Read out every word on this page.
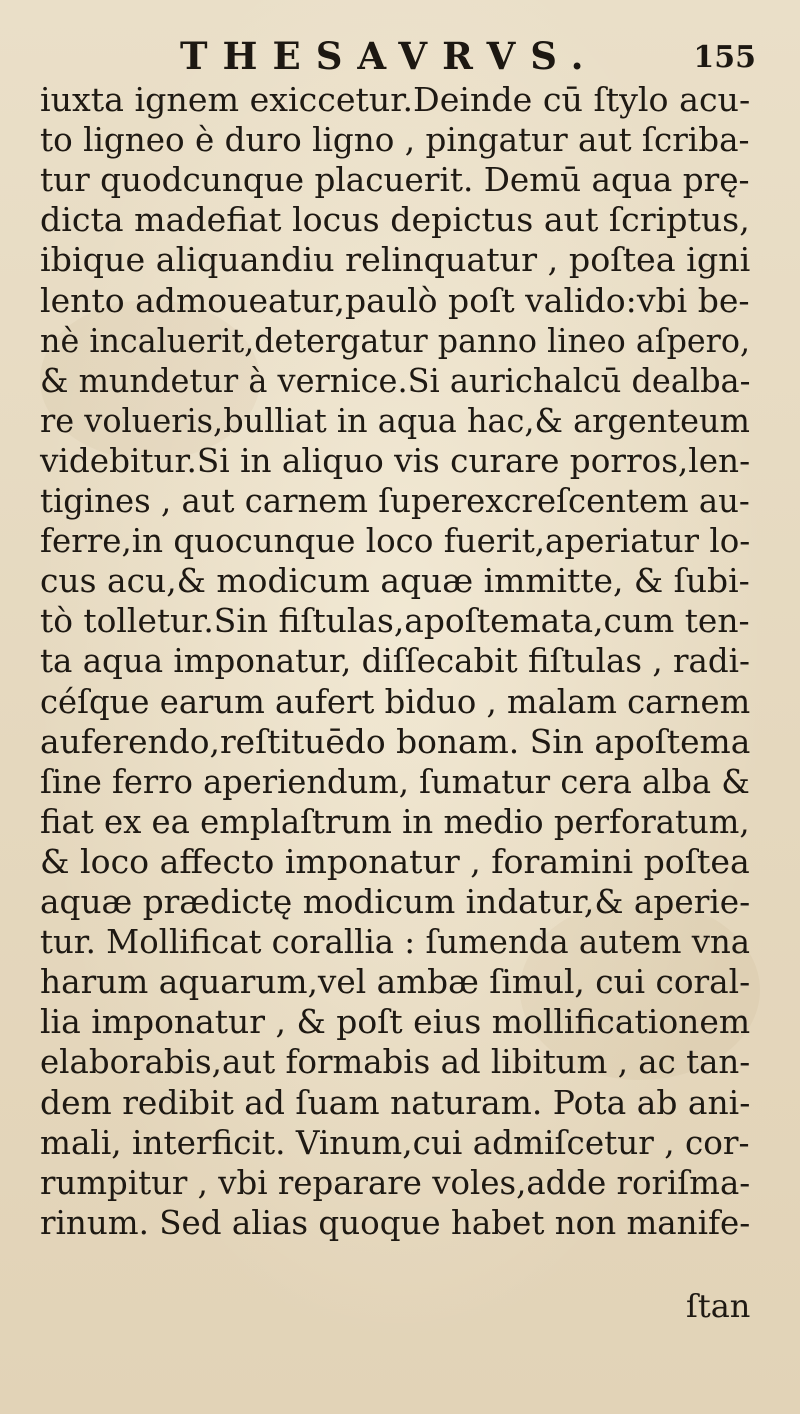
THESAVRVS.	155
iuxta ignem exiccetur.Deinde cū ſtylo acu-
to ligneo è duro ligno , pingatur aut ſcriba-
tur quodcunque placuerit. Demū aqua prę-
dicta madefiat locus depictus aut ſcriptus,
ibique aliquandiu relinquatur , poſtea igni
lento admoueatur,paulò poſt valido:vbi be-
nè incaluerit,detergatur panno lineo aſpero,
& mundetur à vernice.Si aurichalcū dealba-
re volueris,bulliat in aqua hac,& argenteum
videbitur.Si in aliquo vis curare porros,len-
tigines , aut carnem ſuperexcreſcentem au-
ferre,in quocunque loco fuerit,aperiatur lo-
cus acu,& modicum aquæ immitte, & ſubi-
tò tolletur.Sin fiſtulas,apoſtemata,cum ten-
ta aqua imponatur, diſſecabit fiſtulas , radi-
céſque earum aufert biduo , malam carnem
auferendo,reſtituēdo bonam. Sin apoſtema
ſine ferro aperiendum, ſumatur cera alba &
fiat ex ea emplaſtrum in medio perforatum,
& loco affecto imponatur , foramini poſtea
aquæ prædictę modicum indatur,& aperie-
tur. Mollificat corallia : ſumenda autem vna
harum aquarum,vel ambæ ſimul, cui coral-
lia imponatur , & poſt eius mollificationem
elaborabis,aut formabis ad libitum , ac tan-
dem redibit ad ſuam naturam. Pota ab ani-
mali, interficit. Vinum,cui admiſcetur , cor-
rumpitur , vbi reparare voles,adde roriſma-
rinum. Sed alias quoque habet non manife-
ſtan
